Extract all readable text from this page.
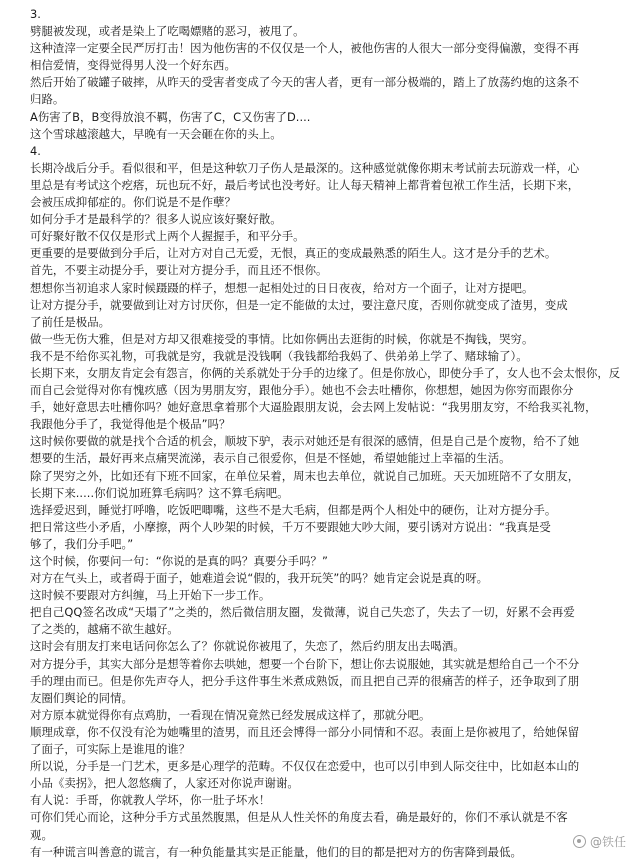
3.
劈腿被发现，或者是染上了吃喝嫖赌的恶习，被甩了。
这种渣滓一定要全民严厉打击！因为他伤害的不仅仅是一个人，被他伤害的人很大一部分变得偏激，变得不再
相信爱情，变得觉得男人没一个好东西。
然后开始了破罐子破摔，从昨天的受害者变成了今天的害人者，更有一部分极端的，踏上了放荡约炮的这条不
归路。
A伤害了B，B变得放浪不羁，伤害了C，C又伤害了D....
这个雪球越滚越大，早晚有一天会砸在你的头上。
4.
长期冷战后分手。看似很和平，但是这种软刀子伤人是最深的。这种感觉就像你期末考试前去玩游戏一样，心
里总是有考试这个疙瘩，玩也玩不好，最后考试也没考好。让人每天精神上都背着包袱工作生活，长期下来，
会被压成抑郁症的。你们说是不是作孽？
如何分手才是最科学的？很多人说应该好聚好散。
可好聚好散不仅仅是形式上两个人握握手，和平分手。
更重要的是要做到分手后，让对方对自己无爱，无恨，真正的变成最熟悉的陌生人。这才是分手的艺术。
首先，不要主动提分手，要让对方提分手，而且还不恨你。
想想你当初追求人家时候蹑蹑的样子，想想一起相处过的日日夜夜，给对方一个面子，让对方提吧。
让对方提分手，就要做到让对方讨厌你，但是一定不能做的太过，要注意尺度，否则你就变成了渣男，变成
了前任是极品。
做一些无伤大雅，但是对方却又很难接受的事情。比如你俩出去逛街的时候，你就是不掏钱，哭穷。
我不是不给你买礼物，可我就是穷，我就是没钱啊（我钱都给我妈了、供弟弟上学了、赌球输了）。
长期下来，女朋友肯定会有怨言，你俩的关系就处于分手的边缘了。但是你放心，即使分手了，女人也不会太恨你，反
而自己会觉得对你有愧疚感（因为男朋友穷，跟他分手）。她也不会去吐槽你，你想想，她因为你穷而跟你分
手，她好意思去吐槽你吗？她好意思拿着那个大逼脸跟朋友说，会去网上发帖说：“我男朋友穷，不给我买礼物，
我跟他分手了，我觉得他是个极品”吗？
这时候你要做的就是找个合适的机会，顺坡下驴，表示对她还是有很深的感情，但是自己是个废物，给不了她
想要的生活，最好再来点痛哭流涕，表示自己很爱你，但是不怪她，希望她能过上幸福的生活。
除了哭穷之外，比如还有下班不回家，在单位呆着，周末也去单位，就说自己加班。天天加班陪不了女朋友，
长期下来.....你们说加班算毛病吗？这不算毛病吧。
选择爱迟到，睡觉打呼噜，吃饭吧唧嘴，这些不是大毛病，但都是两个人相处中的硬伤，让对方提分手。
把日常这些小矛盾，小摩擦，两个人吵架的时候，千万不要跟她大吵大闹，要引诱对方说出：“我真是受
够了，我们分手吧。”
这个时候，你要问一句：“你说的是真的吗？真要分手吗？”
对方在气头上，或者碍于面子，她难道会说“假的，我开玩笑”的吗？她肯定会说是真的呀。
这时候不要跟对方纠缠，马上开始下一步工作。
把自己QQ签名改成“天塌了”之类的，然后微信朋友圈，发微薄，说自己失恋了，失去了一切，好累不会再爱
了之类的，越痛不欲生越好。
这时会有朋友打来电话问你怎么了？你就说你被甩了，失恋了，然后约朋友出去喝酒。
对方提分手，其实大部分是想等着你去哄她，想要一个台阶下，想让你去说服她，其实就是想给自己一个不分
手的理由而已。但是你先声夺人，把分手这件事生米煮成熟饭，而且把自己弄的很痛苦的样子，还争取到了朋
友圈们舆论的同情。
对方原本就觉得你有点鸡肋，一看现在情况竟然已经发展成这样了，那就分吧。
顺理成章，你不仅没有沦为她嘴里的渣男，而且还会博得一部分小同情和不忍。表面上是你被甩了，给她保留
了面子，可实际上是谁甩的谁？
所以说，分手是一门艺术，更多是心理学的范畴。不仅仅在恋爱中，也可以引申到人际交往中，比如赵本山的
小品《卖拐》，把人忽悠瘸了，人家还对你说声谢谢。
有人说：手哥，你就教人学坏，你一肚子坏水！
可你们凭心而论，这种分手方式虽然腹黑，但是从人性关怀的角度去看，确是最好的，你们不承认就是不客
观。
有一种谎言叫善意的谎言，有一种负能量其实是正能量，他们的目的都是把对方的伤害降到最低。
@铁任
